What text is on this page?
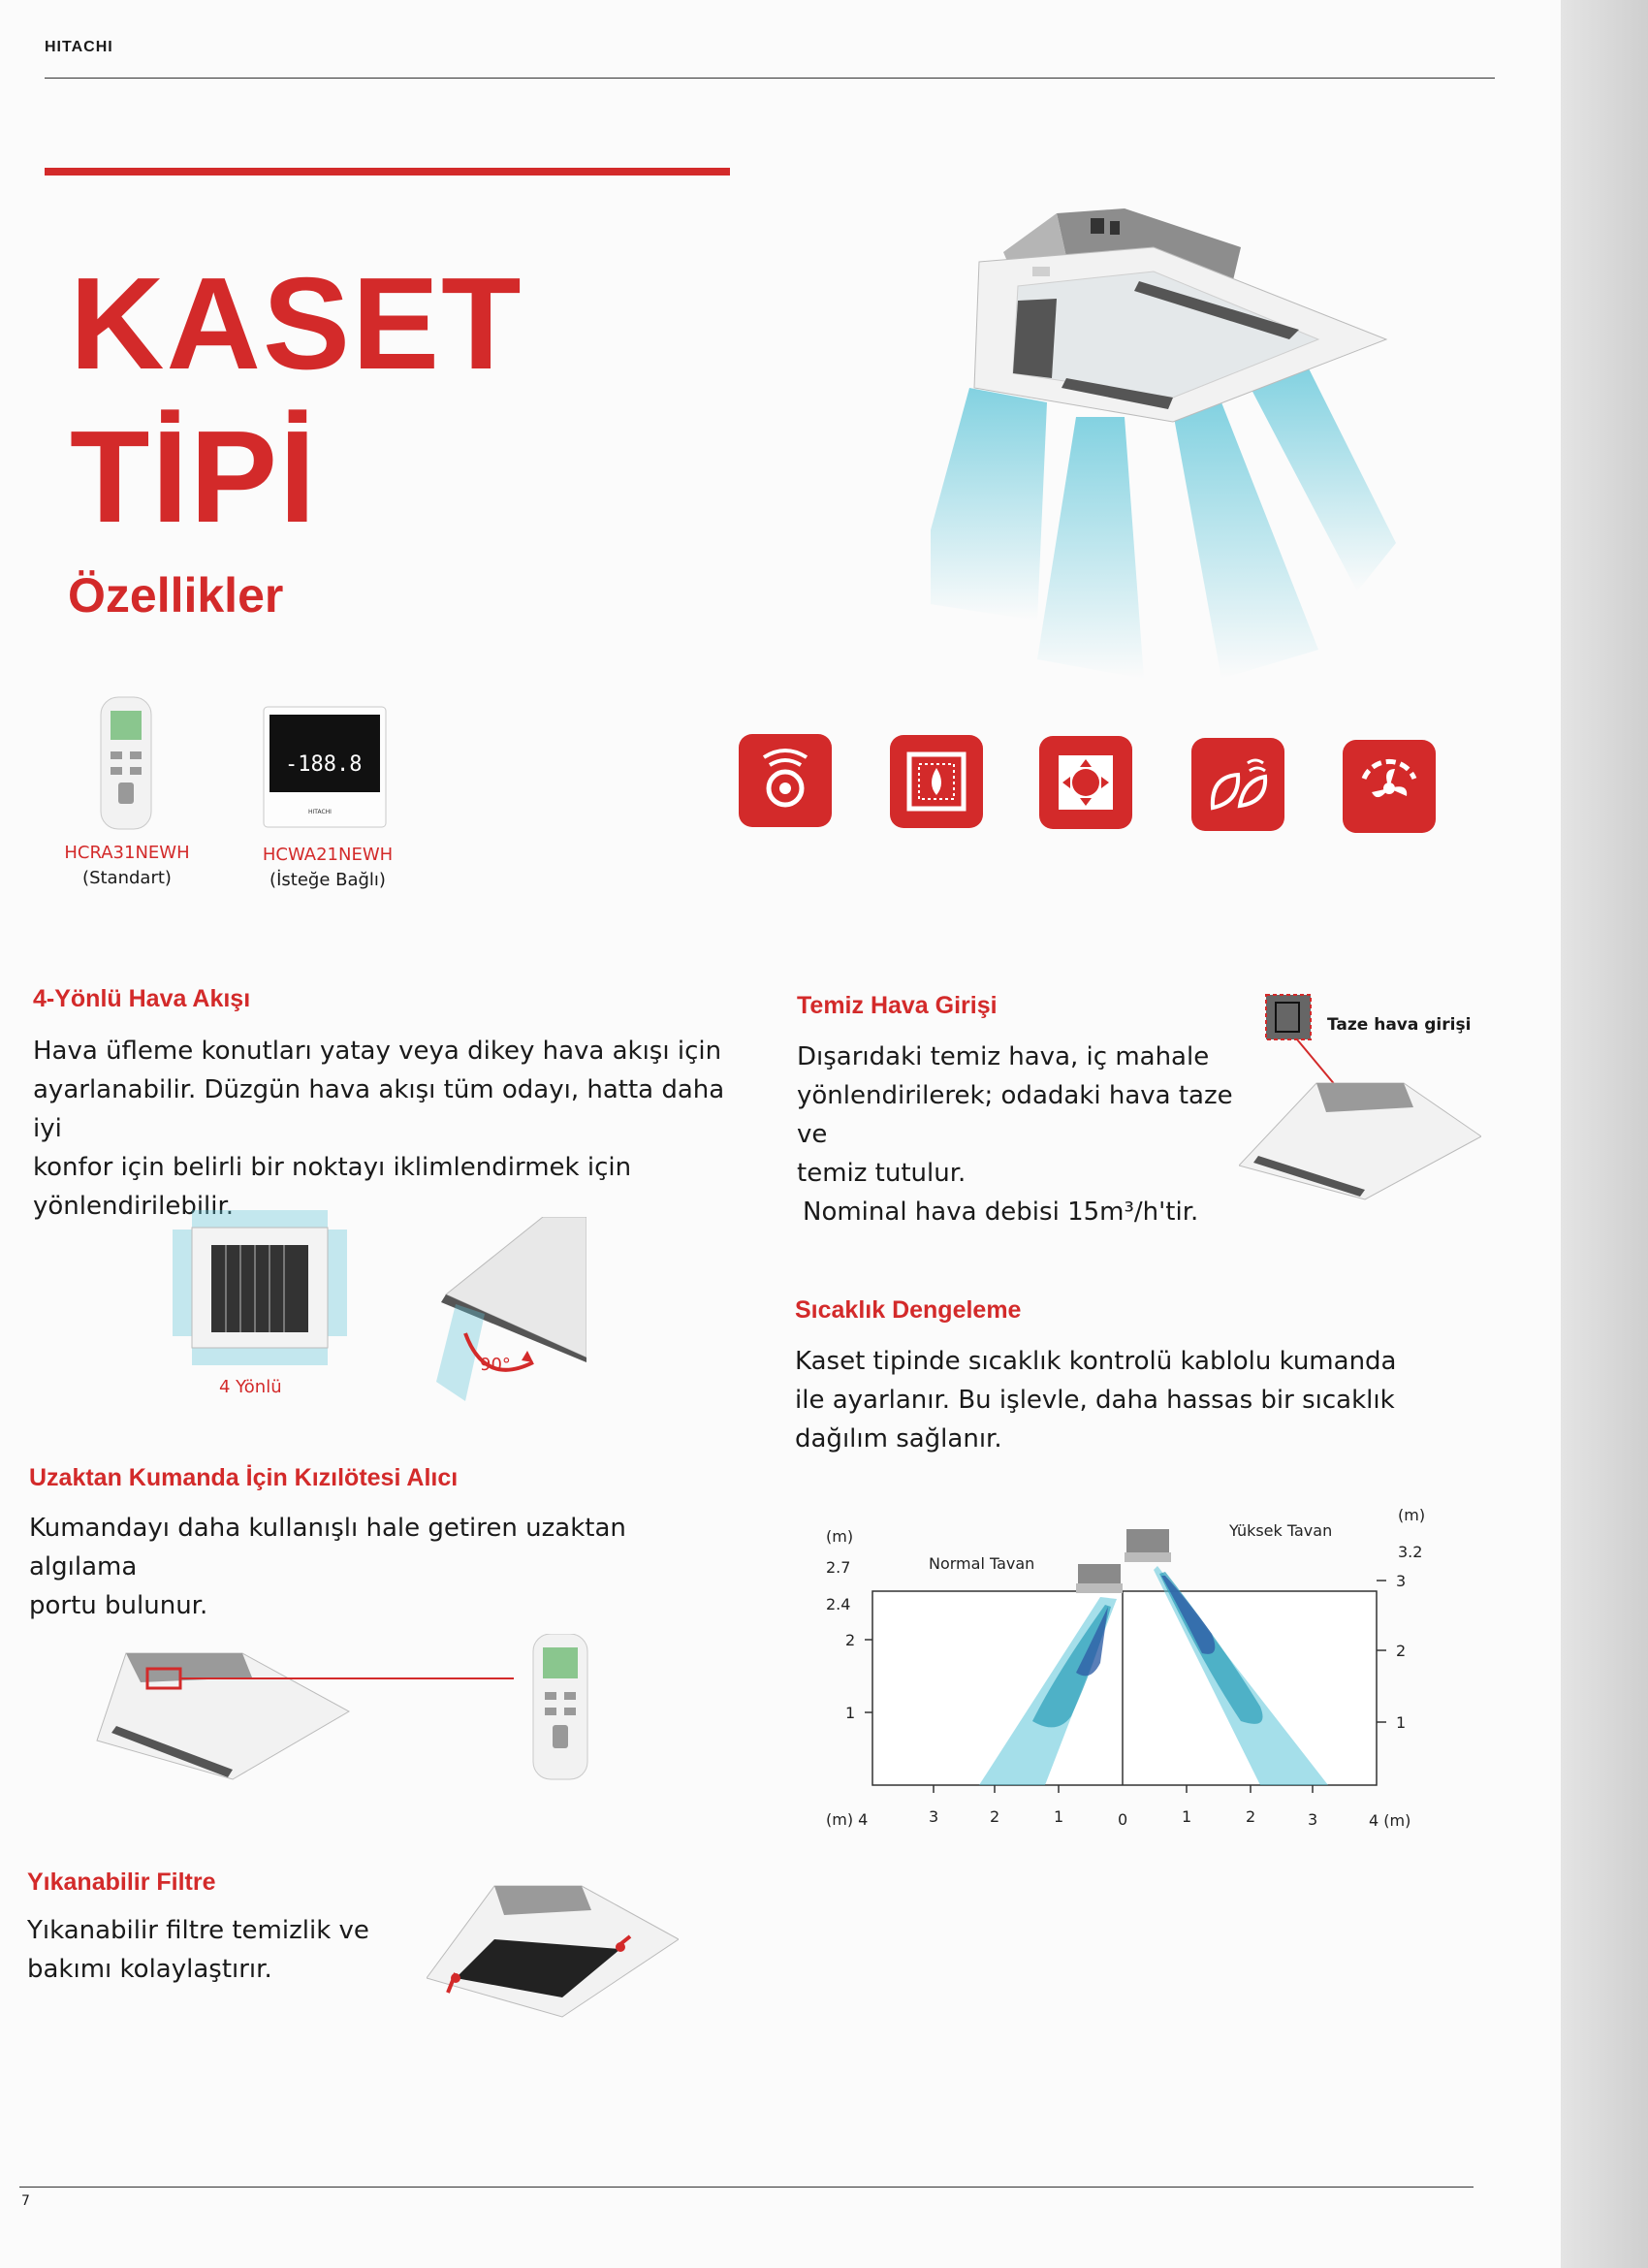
HITACHI
KASET
TİPİ
Özellikler
-188.8
HITACHI
HCRA31NEWH
(Standart)
HCWA21NEWH
(İsteğe Bağlı)
4-Yönlü Hava Akışı
Hava üfleme konutları yatay veya dikey hava akışı için
ayarlanabilir. Düzgün hava akışı tüm odayı, hatta daha iyi
konfor için belirli bir noktayı iklimlendirmek için
yönlendirilebilir.
4 Yönlü
90°
Uzaktan Kumanda İçin Kızılötesi Alıcı
Kumandayı daha kullanışlı hale getiren uzaktan algılama
portu bulunur.
Yıkanabilir Filtre
Yıkanabilir filtre temizlik ve
bakımı kolaylaştırır.
Temiz Hava Girişi
Dışarıdaki temiz hava, iç mahale
yönlendirilerek; odadaki hava taze ve
temiz tutulur.
Nominal hava debisi 15m³/h'tir.
Taze hava girişi
Sıcaklık Dengeleme
Kaset tipinde sıcaklık kontrolü kablolu kumanda
ile ayarlanır. Bu işlevle, daha hassas bir sıcaklık
dağılım sağlanır.
Normal Tavan
Yüksek Tavan
(m)
(m)
2.7
2.4
2
1
3.2
3
2
1
(m) 4	3	2	1	0	1	2	3	4 (m)
7
